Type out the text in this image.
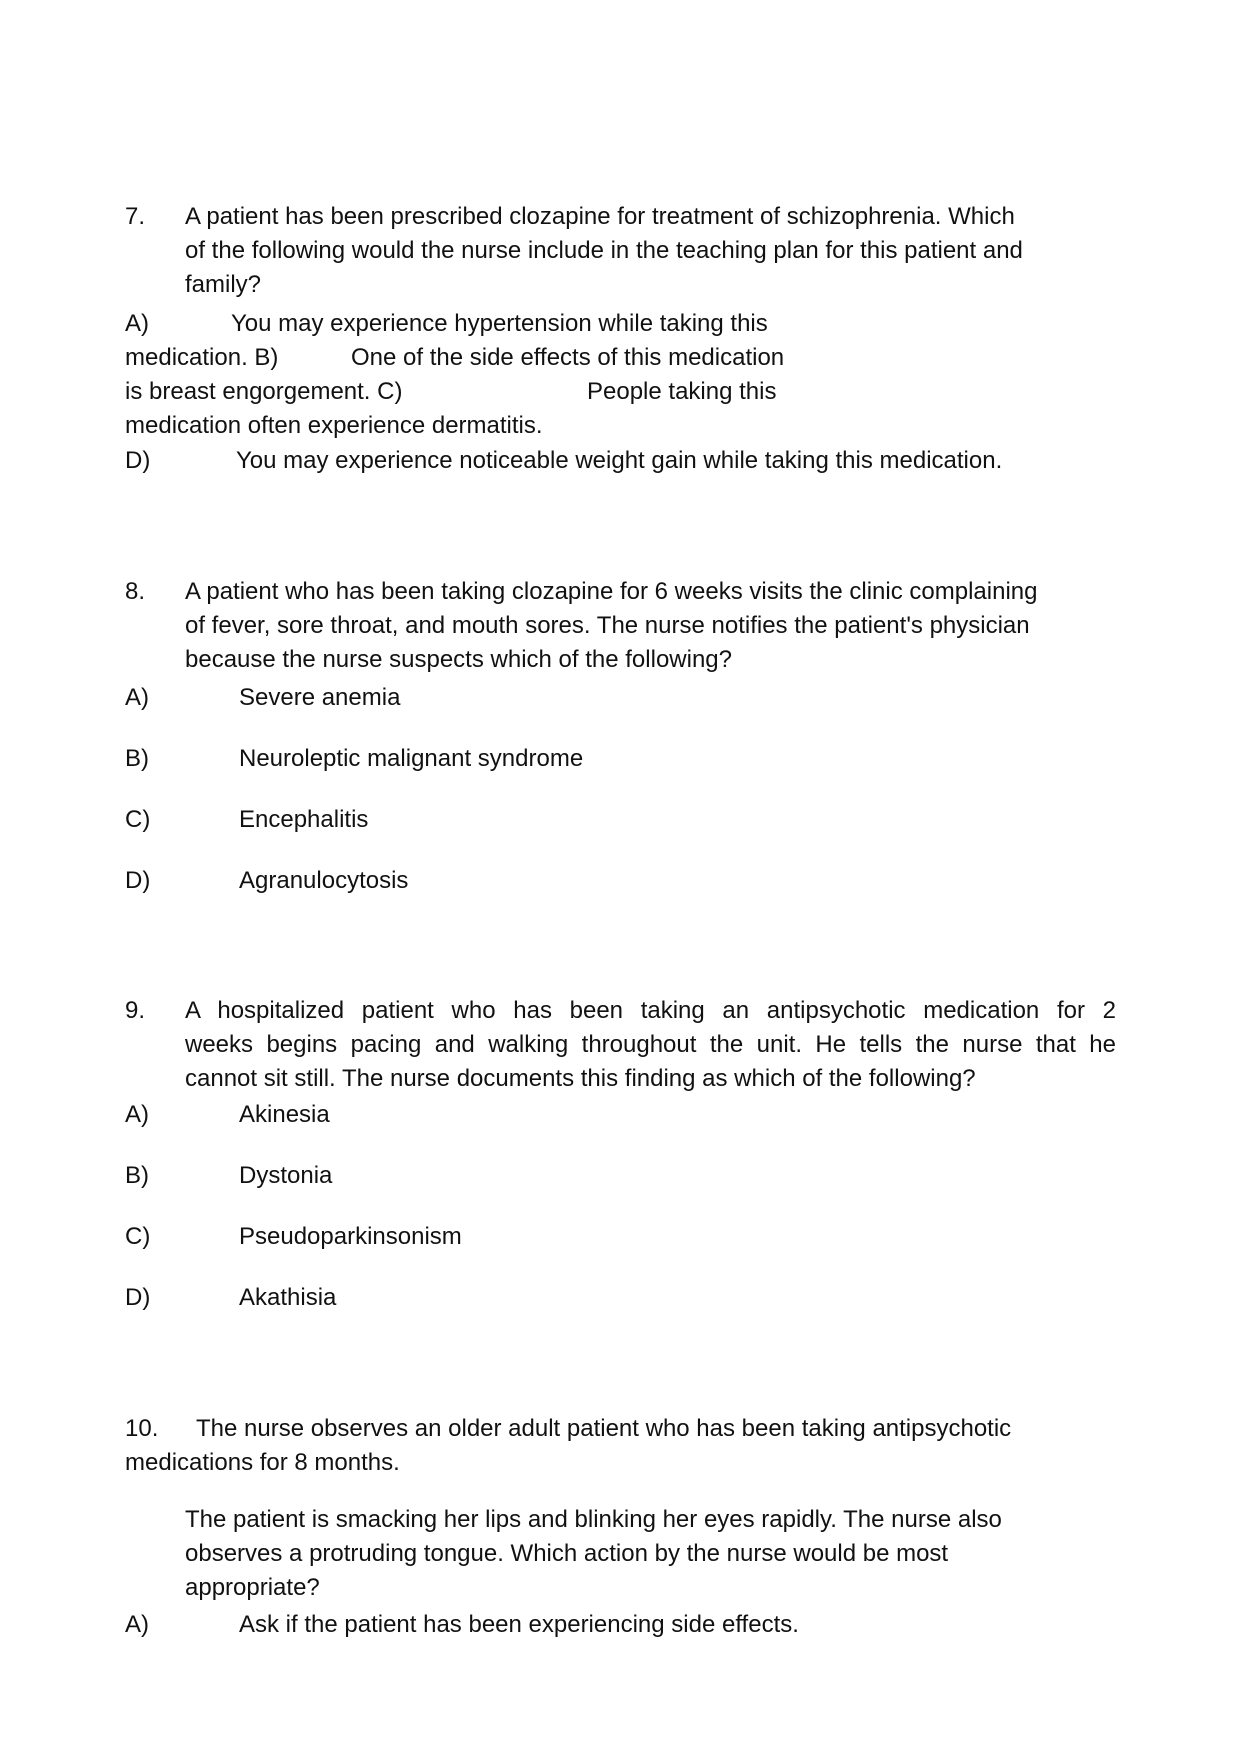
7. A patient has been prescribed clozapine for treatment of schizophrenia. Which
of the following would the nurse include in the teaching plan for this patient and
family?
A)	You may experience hypertension while taking this
medication. B)	One of the side effects of this medication
is breast engorgement. C)	People taking this
medication often experience dermatitis.
D)	You may experience noticeable weight gain while taking this medication.
8. A patient who has been taking clozapine for 6 weeks visits the clinic complaining
of fever, sore throat, and mouth sores. The nurse notifies the patient's physician
because the nurse suspects which of the following?
A)	Severe anemia
B)	Neuroleptic malignant syndrome
C)	Encephalitis
D)	Agranulocytosis
9. A hospitalized patient who has been taking an antipsychotic medication for 2
weeks begins pacing and walking throughout the unit. He tells the nurse that he
cannot sit still. The nurse documents this finding as which of the following?
A)	Akinesia
B)	Dystonia
C)	Pseudoparkinsonism
D)	Akathisia
10. The nurse observes an older adult patient who has been taking antipsychotic
medications for 8 months.
The patient is smacking her lips and blinking her eyes rapidly. The nurse also
observes a protruding tongue. Which action by the nurse would be most
appropriate?
A)	Ask if the patient has been experiencing side effects.
